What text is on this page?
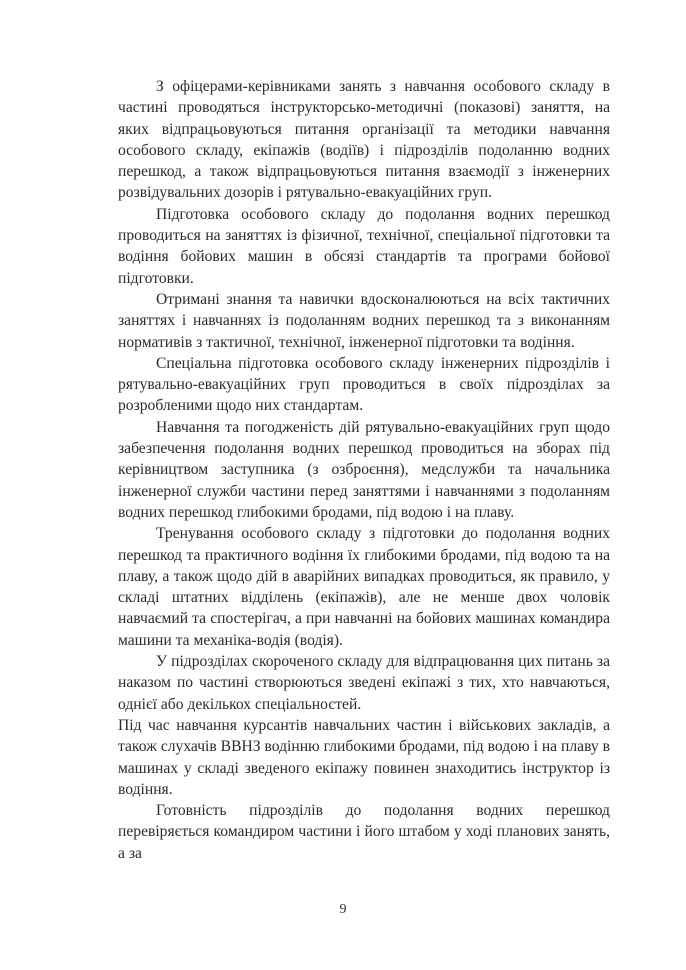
З офіцерами-керівниками занять з навчання особового складу в частині проводяться інструкторсько-методичні (показові) заняття, на яких відпрацьовуються питання організації та методики навчання особового складу, екіпажів (водіїв) і підрозділів подоланню водних перешкод, а також відпрацьовуються питання взаємодії з інженерних розвідувальних дозорів і рятувально-евакуаційних груп.

Підготовка особового складу до подолання водних перешкод проводиться на заняттях із фізичної, технічної, спеціальної підготовки та водіння бойових машин в обсязі стандартів та програми бойової підготовки.

Отримані знання та навички вдосконалюються на всіх тактичних заняттях і навчаннях із подоланням водних перешкод та з виконанням нормативів з тактичної, технічної, інженерної підготовки та водіння.

Спеціальна підготовка особового складу інженерних підрозділів і рятувально-евакуаційних груп проводиться в своїх підрозділах за розробленими щодо них стандартам.

Навчання та погодженість дій рятувально-евакуаційних груп щодо забезпечення подолання водних перешкод проводиться на зборах під керівництвом заступника (з озброєння), медслужби та начальника інженерної служби частини перед заняттями і навчаннями з подоланням водних перешкод глибокими бродами, під водою і на плаву.

Тренування особового складу з підготовки до подолання водних перешкод та практичного водіння їх глибокими бродами, під водою та на плаву, а також щодо дій в аварійних випадках проводиться, як правило, у складі штатних відділень (екіпажів), але не менше двох чоловік навчаємий та спостерігач, а при навчанні на бойових машинах командира машини та механіка-водія (водія).

У підрозділах скороченого складу для відпрацювання цих питань за наказом по частині створюються зведені екіпажі з тих, хто навчаються, однієї або декількох спеціальностей.

Під час навчання курсантів навчальних частин і військових закладів, а також слухачів ВВНЗ водінню глибокими бродами, під водою і на плаву в машинах у складі зведеного екіпажу повинен знаходитись інструктор із водіння.

Готовність підрозділів до подолання водних перешкод перевіряється командиром частини і його штабом у ході планових занять, а за

9
